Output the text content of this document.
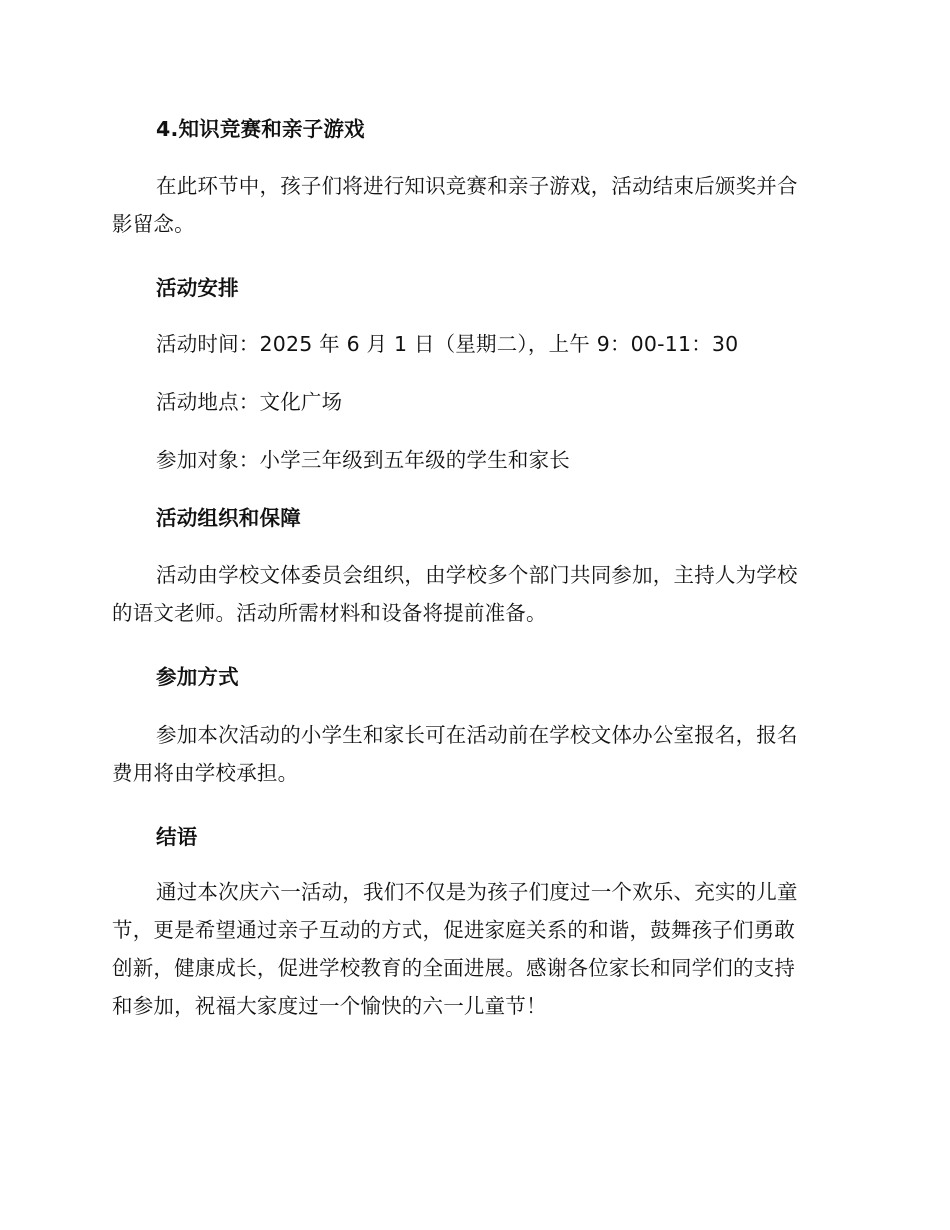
4.知识竞赛和亲子游戏
在此环节中，孩子们将进行知识竞赛和亲子游戏，活动结束后颁奖并合
影留念。
活动安排
活动时间：2025 年 6 月 1 日（星期二），上午 9：00-11：30
活动地点：文化广场
参加对象：小学三年级到五年级的学生和家长
活动组织和保障
活动由学校文体委员会组织，由学校多个部门共同参加，主持人为学校
的语文老师。活动所需材料和设备将提前准备。
参加方式
参加本次活动的小学生和家长可在活动前在学校文体办公室报名，报名
费用将由学校承担。
结语
通过本次庆六一活动，我们不仅是为孩子们度过一个欢乐、充实的儿童
节，更是希望通过亲子互动的方式，促进家庭关系的和谐，鼓舞孩子们勇敢
创新，健康成长，促进学校教育的全面进展。感谢各位家长和同学们的支持
和参加，祝福大家度过一个愉快的六一儿童节！
